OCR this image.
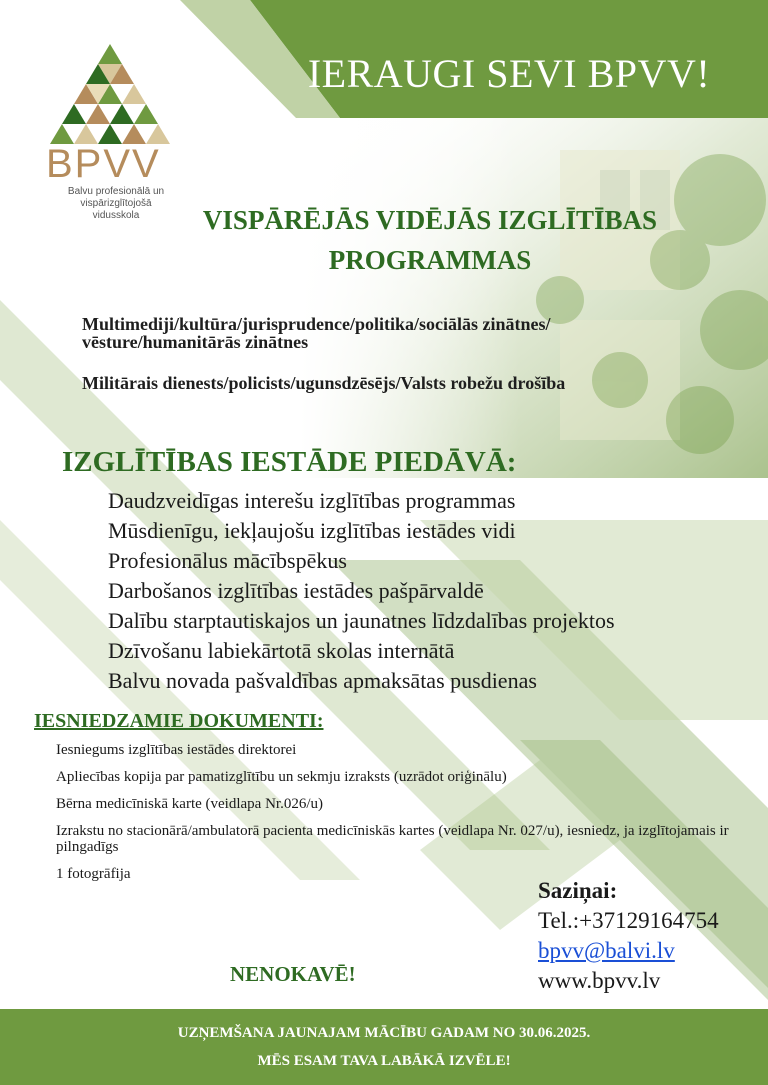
IERAUGI SEVI BPVV!
BPVV
Balvu profesionālā un vispārizglītojošā vidusskola	VISPĀRĒJĀS VIDĒJĀS IZGLĪTĪBAS
PROGRAMMAS
Multimediji/kultūra/jurisprudence/politika/sociālās zinātnes/
vēsture/humanitārās zinātnes
Militārais dienests/policists/ugunsdzēsējs/Valsts robežu drošība
IZGLĪTĪBAS IESTĀDE PIEDĀVĀ:
Daudzveidīgas interešu izglītības programmas
Mūsdienīgu, iekļaujošu izglītības iestādes vidi
Profesionālus mācībspēkus
Darbošanos izglītības iestādes pašpārvaldē
Dalību starptautiskajos un jaunatnes līdzdalības projektos
Dzīvošanu labiekārtotā skolas internātā
Balvu novada pašvaldības apmaksātas pusdienas
IESNIEDZAMIE DOKUMENTI:
Iesniegums izglītības iestādes direktorei
Apliecības kopija par pamatizglītību un sekmju izraksts (uzrādot oriģinālu)
Bērna medicīniskā karte (veidlapa Nr.026/u)
Izrakstu no stacionārā/ambulatorā pacienta medicīniskās kartes (veidlapa Nr. 027/u), iesniedz, ja izglītojamais ir pilngadīgs
1 fotogrāfija
Saziņai:
Tel.:+37129164754
bpvv@balvi.lv
www.bpvv.lv
NENOKAVĒ!
UZŅEMŠANA JAUNAJAM MĀCĪBU GADAM NO 30.06.2025.
MĒS ESAM TAVA LABĀKĀ IZVĒLE!
